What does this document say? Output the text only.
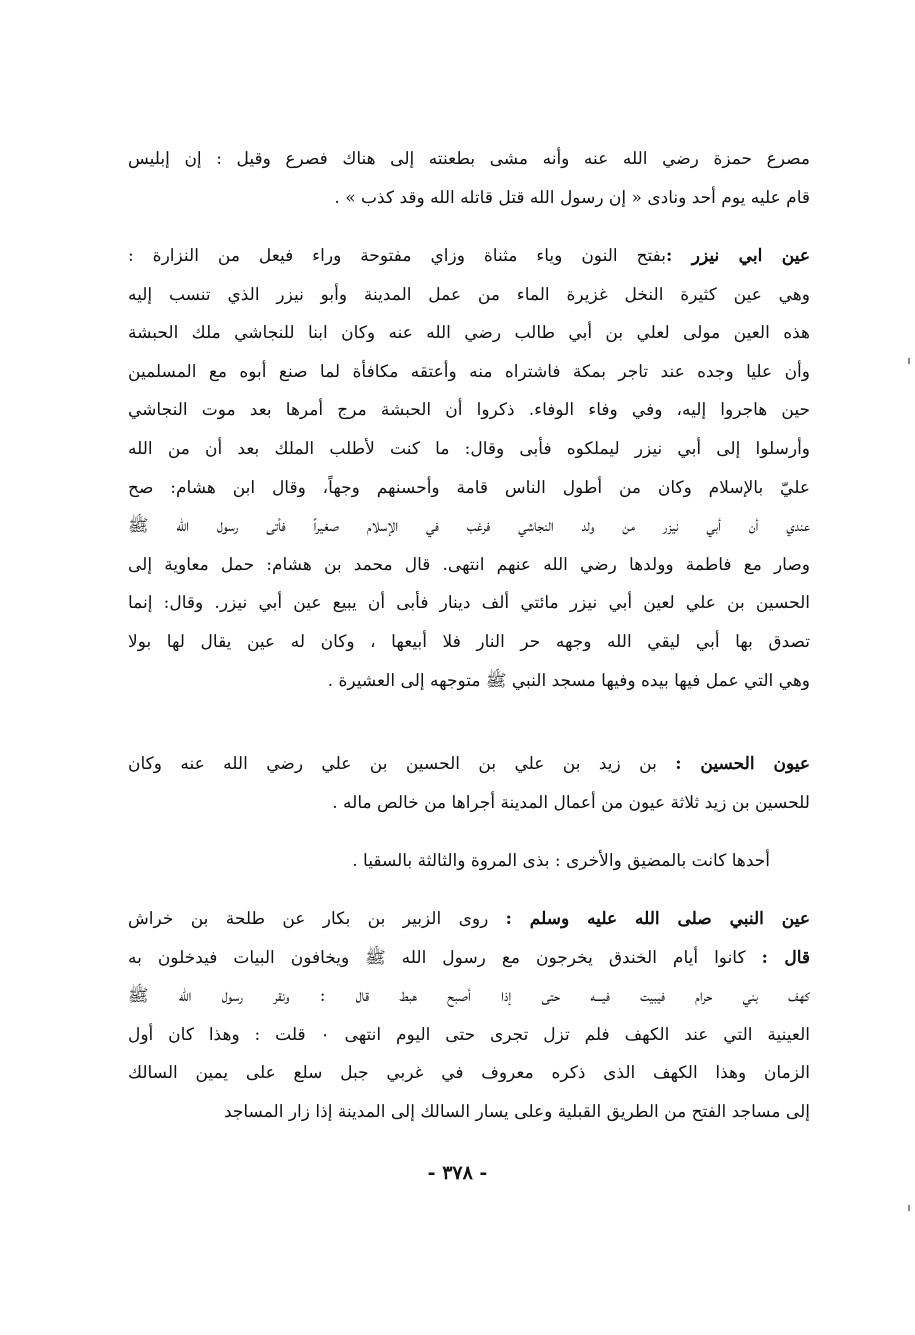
مصرع حمزة رضي الله عنه وأنه مشى بطعنته إلى هناك فصرع وقيل : إن إبليس
قام عليه يوم أحد ونادى « إن رسول الله قتل قاتله الله وقد كذب » .
عين ابي نيزر :بفتح النون وياء مثناة وزاي مفتوحة وراء فيعل من النزارة :
وهي عين كثيرة النخل غزيرة الماء من عمل المدينة وأبو نيزر الذي تنسب إليه
هذه العين مولى لعلي بن أبي طالب رضي الله عنه وكان ابنا للنجاشي ملك الحبشة
وأن عليا وجده عند تاجر بمكة فاشتراه منه وأعتقه مكافأة لما صنع أبوه مع المسلمين
حين هاجروا إليه، وفي وفاء الوفاء. ذكروا أن الحبشة مرج أمرها بعد موت النجاشي
وأرسلوا إلى أبي نيزر ليملكوه فأبى وقال: ما كنت لأطلب الملك بعد أن من الله
عليّ بالإسلام وكان من أطول الناس قامة وأحسنهم وجهاً، وقال ابن هشام: صح
عندي أن أبي نيزر من ولد النجاشي فرغب في الإسلام صغيراً فأتى رسول الله ﷺ
وصار مع فاطمة وولدها رضي الله عنهم انتهى. قال محمد بن هشام: حمل معاوية إلى
الحسين بن علي لعين أبي نيزر مائتي ألف دينار فأبى أن يبيع عين أبي نيزر. وقال: إنما
تصدق بها أبي ليقي الله وجهه حر النار فلا أبيعها ، وكان له عين يقال لها بولا
وهي التي عمل فيها بيده وفيها مسجد النبي ﷺ متوجهه إلى العشيرة .
عيون الحسين : بن زيد بن علي بن الحسين بن علي رضي الله عنه وكان
للحسين بن زيد ثلاثة عيون من أعمال المدينة أجراها من خالص ماله .
أحدها كانت بالمضيق والأخرى : بذى المروة والثالثة بالسقيا .
عين النبي صلى الله عليه وسلم : روى الزبير بن بكار عن طلحة بن خراش
قال : كانوا أيام الخندق يخرجون مع رسول الله ﷺ ويخافون البيات فيدخلون به
كهف بني حرام فيبيت فيـــه حتى إذا أصبح هبط قال : ونقر رسول الله ﷺ
العينية التي عند الكهف فلم تزل تجرى حتى اليوم انتهى ٠ قلت : وهذا كان أول
الزمان وهذا الكهف الذى ذكره معروف في غربي جبل سلع على يمين السالك
إلى مساجد الفتح من الطريق القبلية وعلى يسار السالك إلى المدينة إذا زار المساجد
- ٣٧٨ -
